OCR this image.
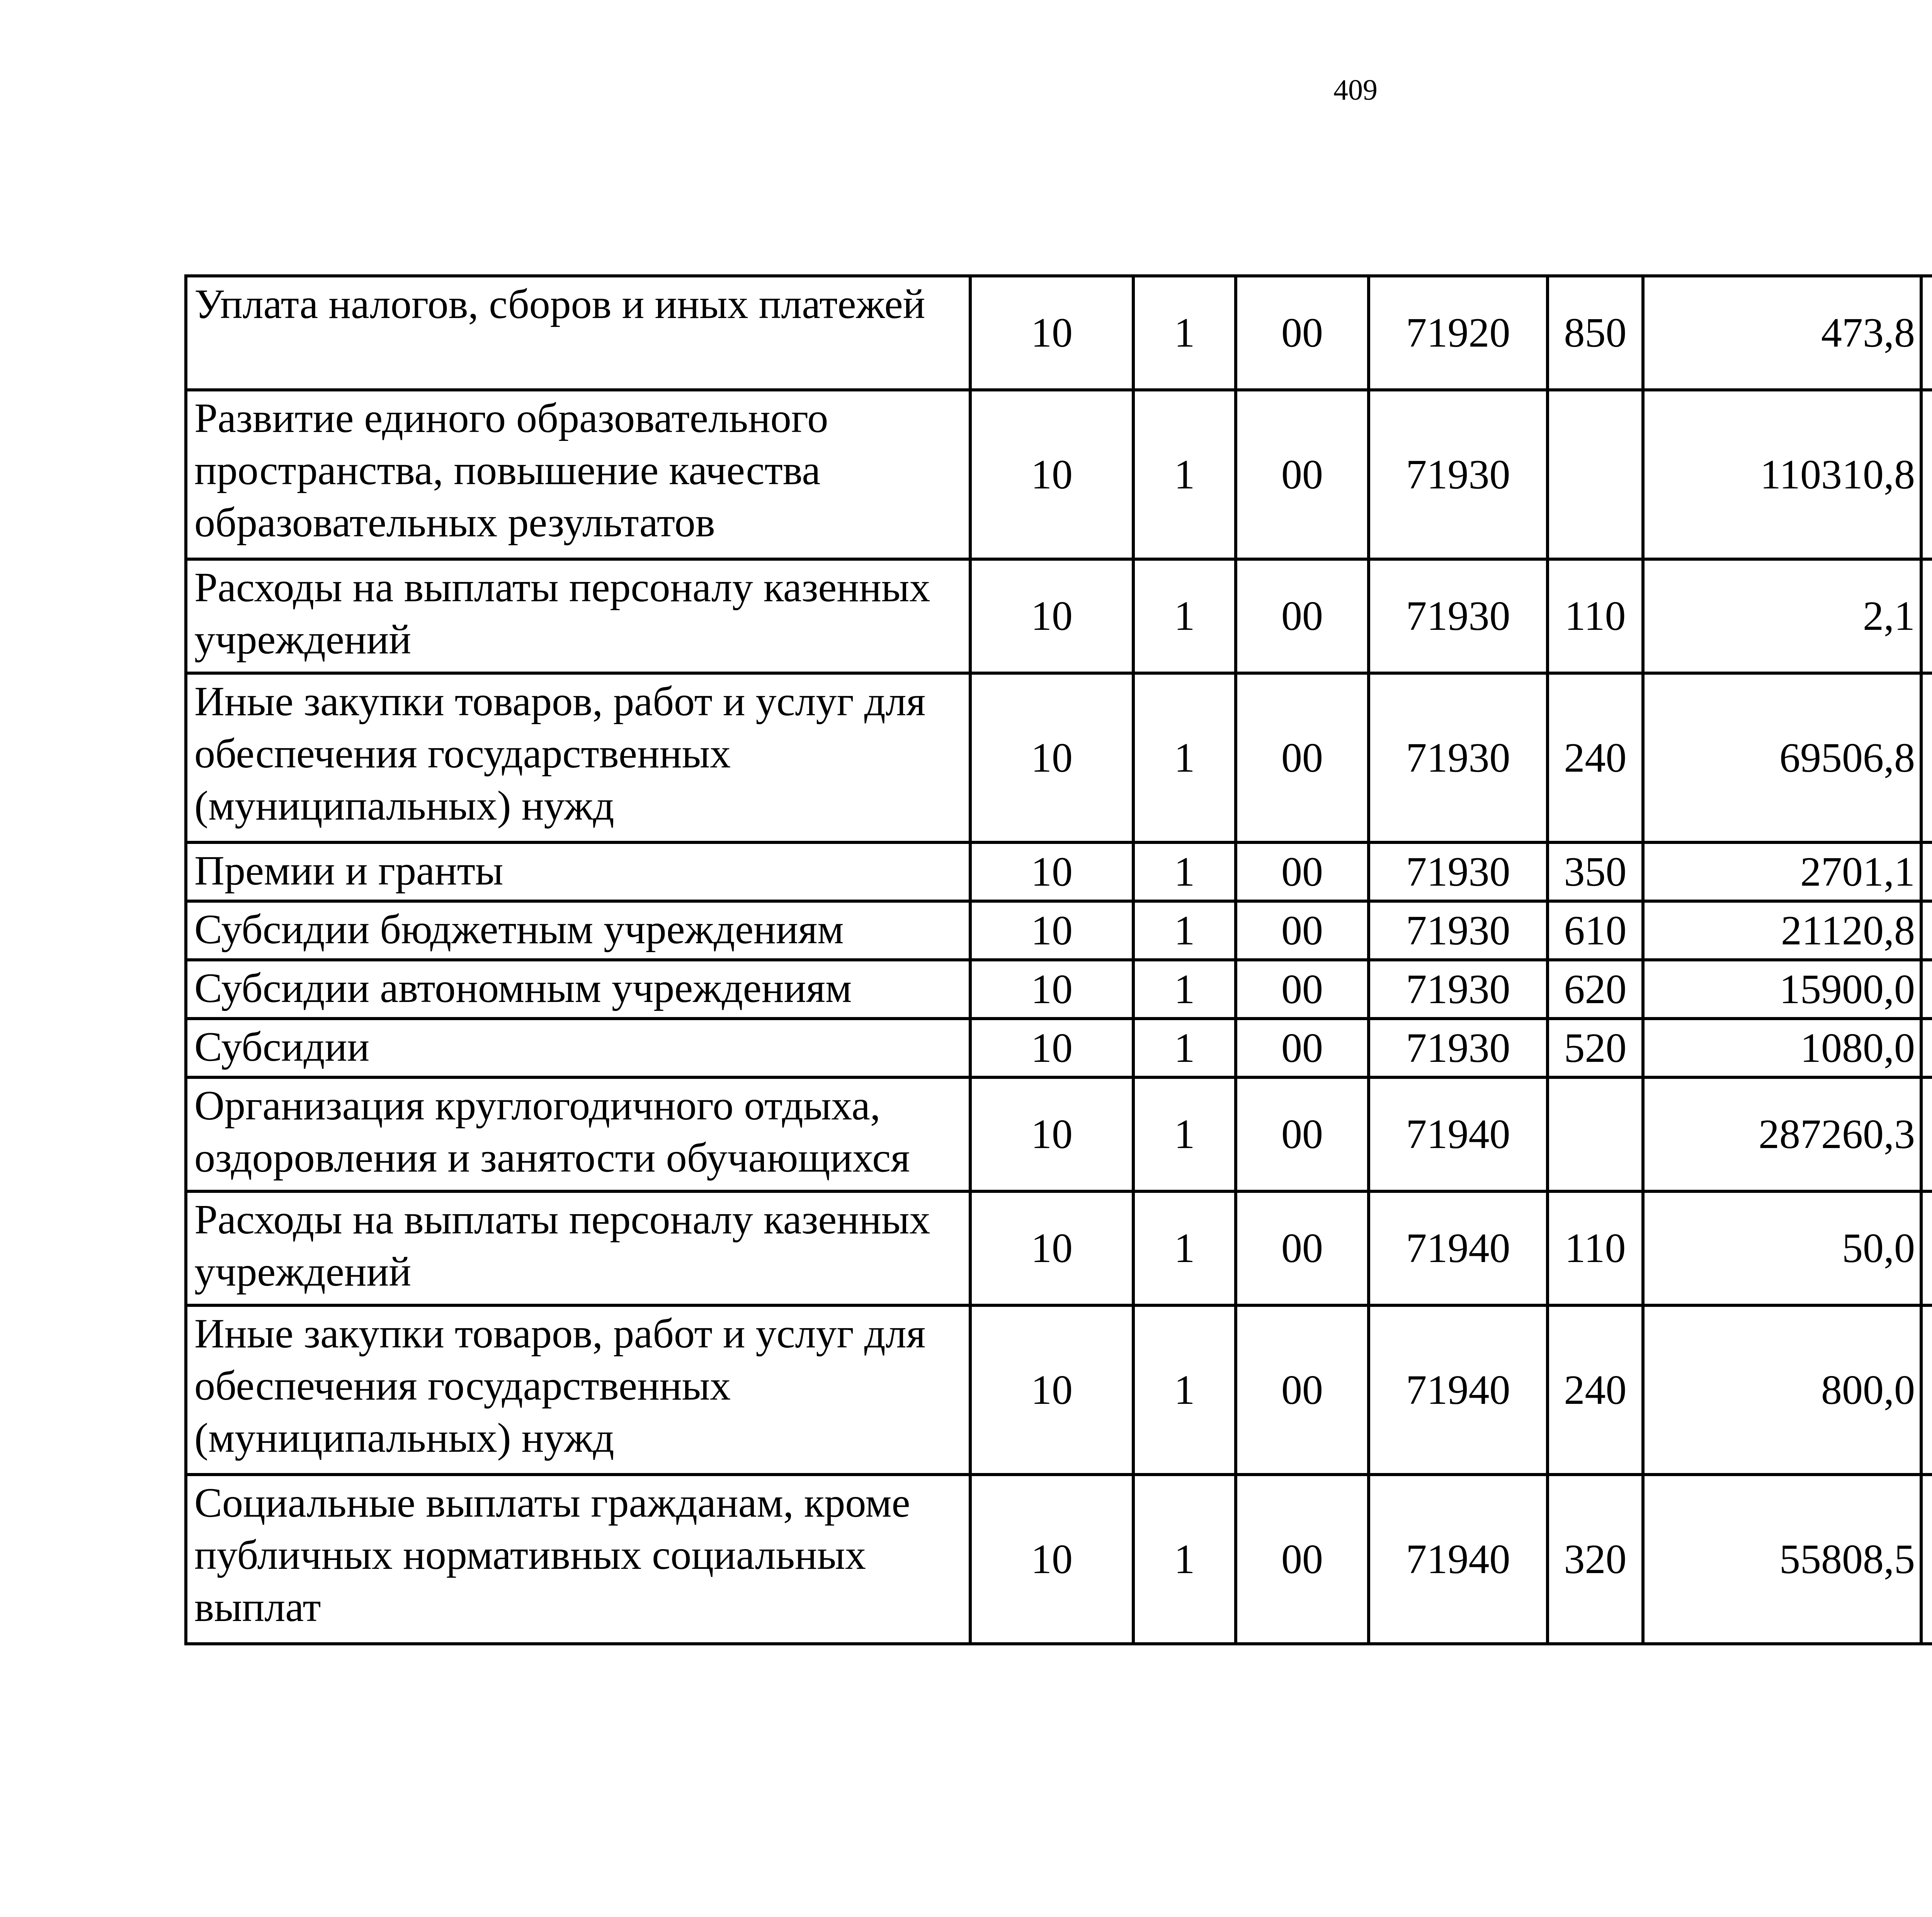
409
Уплата налогов, сборов и иных платежей	10	1	00	71920	850	473,8		
Развитие единого образовательного пространства, повышение качества образовательных результатов	10	1	00	71930		110310,8		
Расходы на выплаты персоналу казенных учреждений	10	1	00	71930	110	2,1		
Иные закупки товаров, работ и услуг для обеспечения государственных (муниципальных) нужд	10	1	00	71930	240	69506,8		
Премии и гранты	10	1	00	71930	350	2701,1		
Субсидии бюджетным учреждениям	10	1	00	71930	610	21120,8		
Субсидии автономным учреждениям	10	1	00	71930	620	15900,0		
Субсидии	10	1	00	71930	520	1080,0		
Организация круглогодичного отдыха, оздоровления и занятости обучающихся	10	1	00	71940		287260,3		
Расходы на выплаты персоналу казенных учреждений	10	1	00	71940	110	50,0		
Иные закупки товаров, работ и услуг для обеспечения государственных (муниципальных) нужд	10	1	00	71940	240	800,0		
Социальные выплаты гражданам, кроме публичных нормативных социальных выплат	10	1	00	71940	320	55808,5		
